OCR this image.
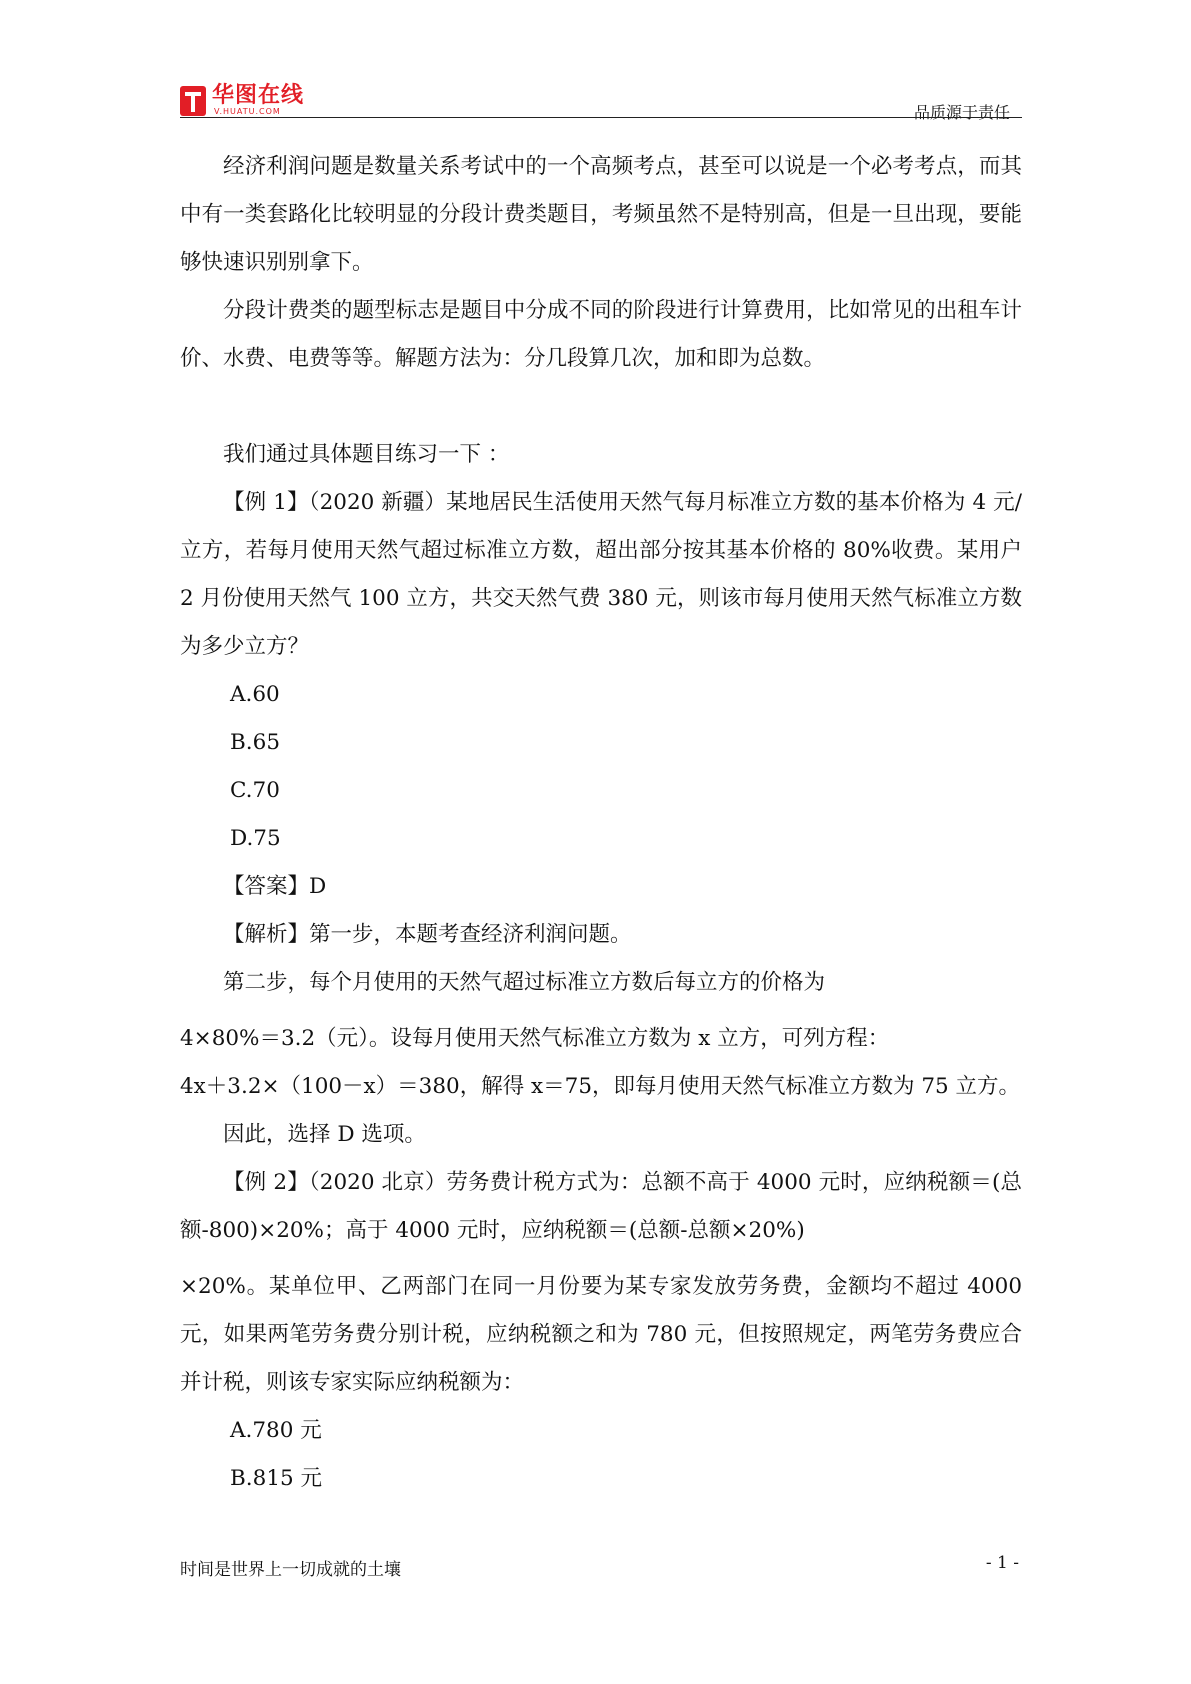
华图在线
V.HUATU.COM	品质源于责任

经济利润问题是数量关系考试中的一个高频考点，甚至可以说是一个必考考点，而其中有一类套路化比较明显的分段计费类题目，考频虽然不是特别高，但是一旦出现，要能够快速识别别拿下。

分段计费类的题型标志是题目中分成不同的阶段进行计算费用，比如常见的出租车计价、水费、电费等等。解题方法为：分几段算几次，加和即为总数。

我们通过具体题目练习一下 ：

【例 1】（2020 新疆）某地居民生活使用天然气每月标准立方数的基本价格为 4 元/立方，若每月使用天然气超过标准立方数，超出部分按其基本价格的 80%收费。某用户 2 月份使用天然气 100 立方，共交天然气费 380 元，则该市每月使用天然气标准立方数为多少立方？

A.60

B.65

C.70

D.75

【答案】D

【解析】第一步，本题考查经济利润问题。

第二步，每个月使用的天然气超过标准立方数后每立方的价格为

4×80%＝3.2（元）。设每月使用天然气标准立方数为 x 立方，可列方程：

4x＋3.2×（100－x）＝380，解得 x＝75，即每月使用天然气标准立方数为 75 立方。

因此，选择 D 选项。

【例 2】（2020 北京）劳务费计税方式为：总额不高于 4000 元时，应纳税额＝(总额-800)×20%；高于 4000 元时，应纳税额＝(总额-总额×20%)

×20%。某单位甲、乙两部门在同一月份要为某专家发放劳务费，金额均不超过 4000 元，如果两笔劳务费分别计税，应纳税额之和为 780 元，但按照规定，两笔劳务费应合并计税，则该专家实际应纳税额为：

A.780 元

B.815 元

时间是世界上一切成就的土壤	- 1 -
